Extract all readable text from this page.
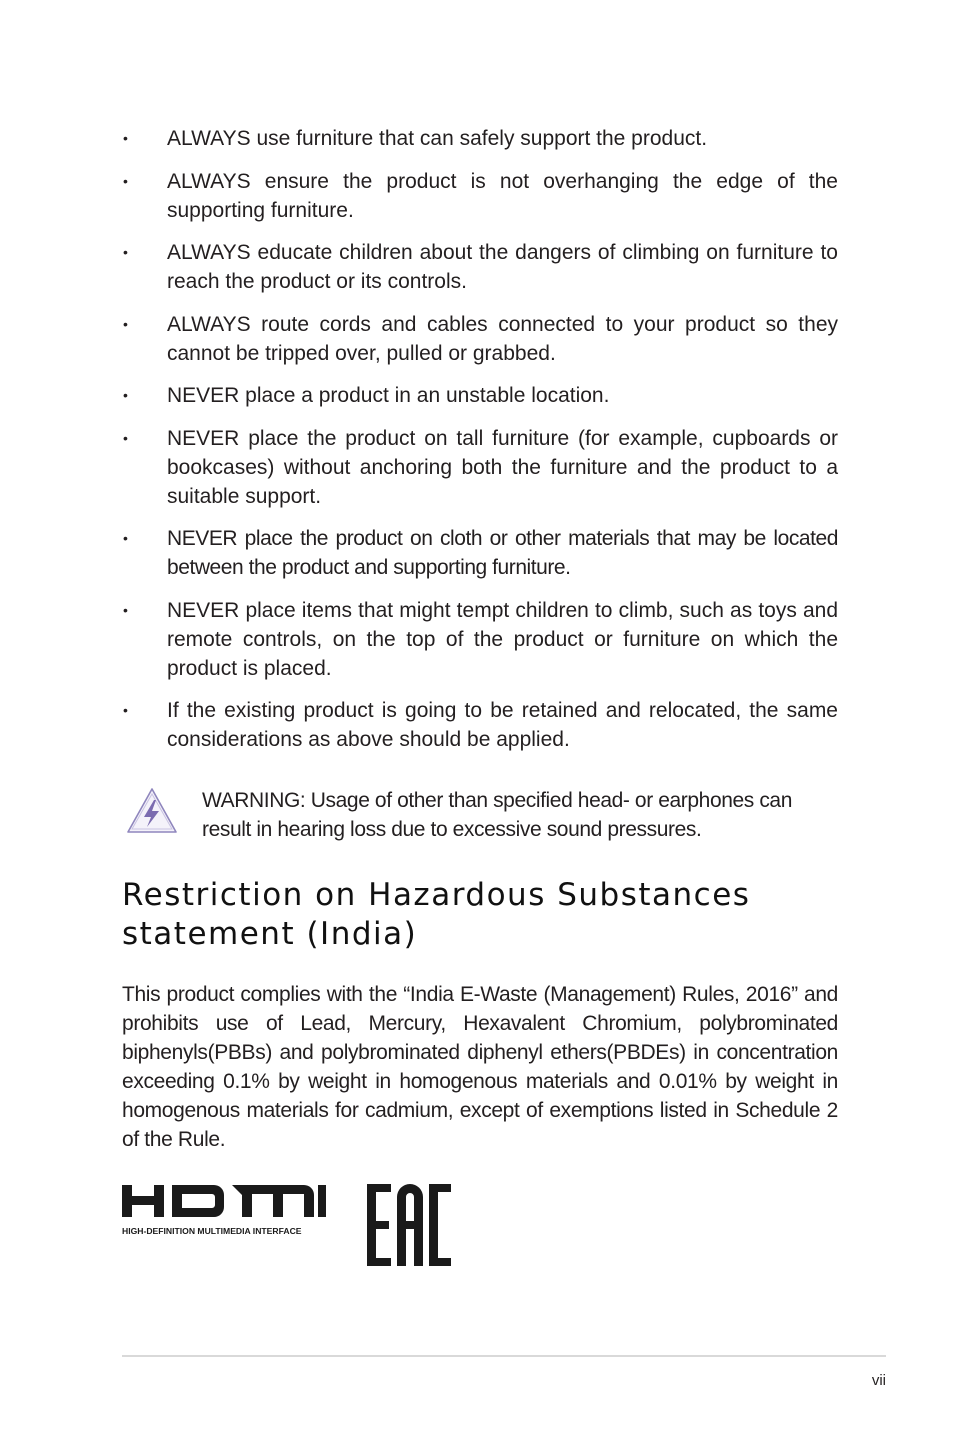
•	ALWAYS use furniture that can safely support the product.
•	ALWAYS ensure the product is not overhanging the edge of the supporting furniture.
•	ALWAYS educate children about the dangers of climbing on furniture to reach the product or its controls.
•	ALWAYS route cords and cables connected to your product so they cannot be tripped over, pulled or grabbed.
•	NEVER place a product in an unstable location.
•	NEVER place the product on tall furniture (for example, cupboards or bookcases) without anchoring both the furniture and the product to a suitable support.
•	NEVER place the product on cloth or other materials that may be located between the product and supporting furniture.
•	NEVER place items that might tempt children to climb, such as toys and remote controls, on the top of the product or furniture on which the product is placed.
•	If the existing product is going to be retained and relocated, the same considerations as above should be applied.
WARNING: Usage of other than specified head- or earphones can result in hearing loss due to excessive sound pressures.
Restriction on Hazardous Substances statement (India)

This product complies with the “India E-Waste (Management) Rules, 2016” and prohibits use of Lead, Mercury, Hexavalent Chromium, polybrominated biphenyls(PBBs) and polybrominated diphenyl ethers(PBDEs) in concentration exceeding 0.1% by weight in homogenous materials and 0.01% by weight in homogenous materials for cadmium, except of exemptions listed in Schedule 2 of the Rule.

HIGH-DEFINITION MULTIMEDIA INTERFACE
vii
